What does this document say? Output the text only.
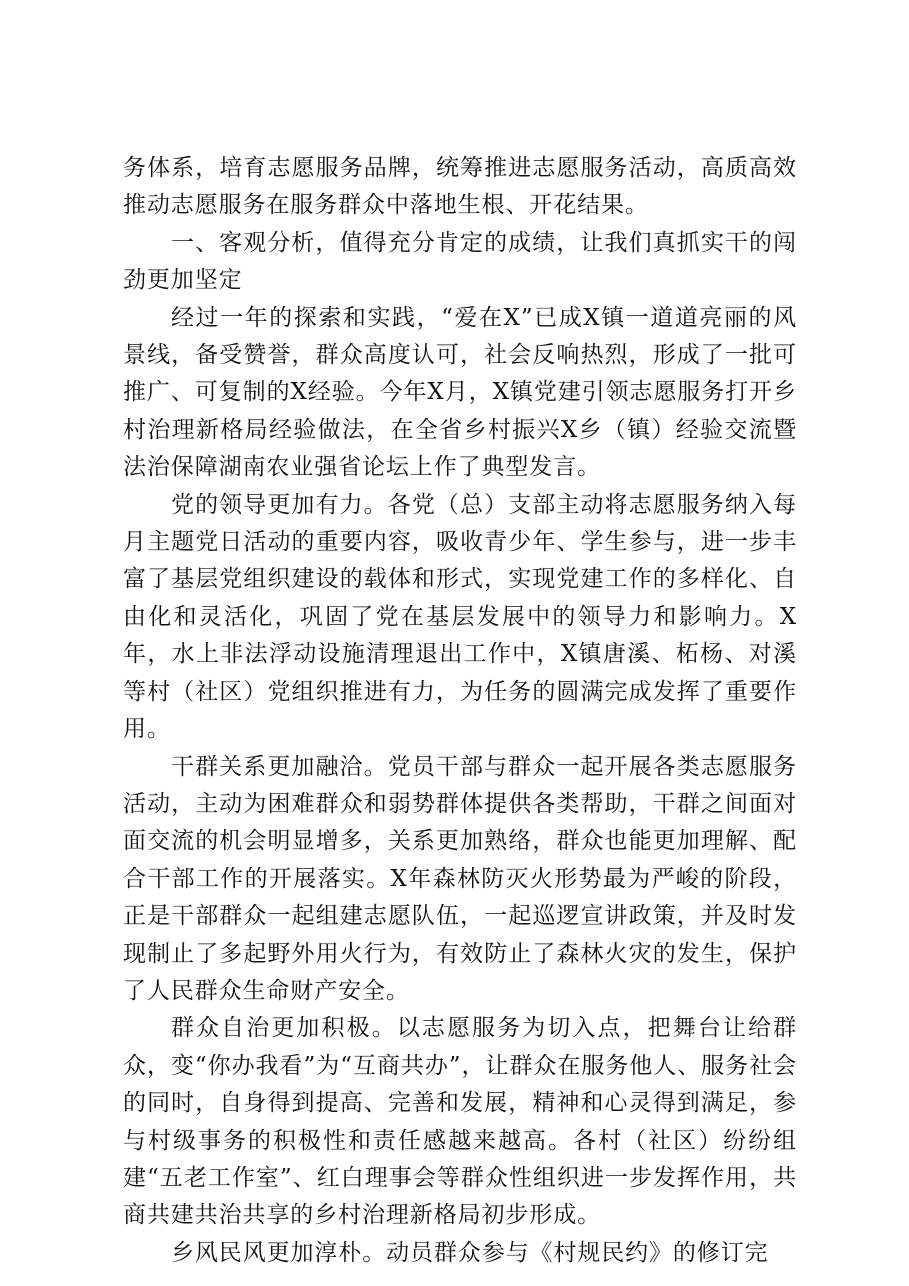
务体系，培育志愿服务品牌，统筹推进志愿服务活动，高质高效推动志愿服务在服务群众中落地生根、开花结果。

一、客观分析，值得充分肯定的成绩，让我们真抓实干的闯劲更加坚定

经过一年的探索和实践，“爱在X”已成X镇一道道亮丽的风景线，备受赞誉，群众高度认可，社会反响热烈，形成了一批可推广、可复制的X经验。今年X月，X镇党建引领志愿服务打开乡村治理新格局经验做法，在全省乡村振兴X乡（镇）经验交流暨法治保障湖南农业强省论坛上作了典型发言。

党的领导更加有力。各党（总）支部主动将志愿服务纳入每月主题党日活动的重要内容，吸收青少年、学生参与，进一步丰富了基层党组织建设的载体和形式，实现党建工作的多样化、自由化和灵活化，巩固了党在基层发展中的领导力和影响力。X年，水上非法浮动设施清理退出工作中，X镇唐溪、柘杨、对溪等村（社区）党组织推进有力，为任务的圆满完成发挥了重要作用。

干群关系更加融洽。党员干部与群众一起开展各类志愿服务活动，主动为困难群众和弱势群体提供各类帮助，干群之间面对面交流的机会明显增多，关系更加熟络，群众也能更加理解、配合干部工作的开展落实。X年森林防灭火形势最为严峻的阶段，正是干部群众一起组建志愿队伍，一起巡逻宣讲政策，并及时发现制止了多起野外用火行为，有效防止了森林火灾的发生，保护了人民群众生命财产安全。

群众自治更加积极。以志愿服务为切入点，把舞台让给群众，变“你办我看”为“互商共办”，让群众在服务他人、服务社会的同时，自身得到提高、完善和发展，精神和心灵得到满足，参与村级事务的积极性和责任感越来越高。各村（社区）纷纷组建“五老工作室”、红白理事会等群众性组织进一步发挥作用，共商共建共治共享的乡村治理新格局初步形成。

乡风民风更加淳朴。动员群众参与《村规民约》的修订完
